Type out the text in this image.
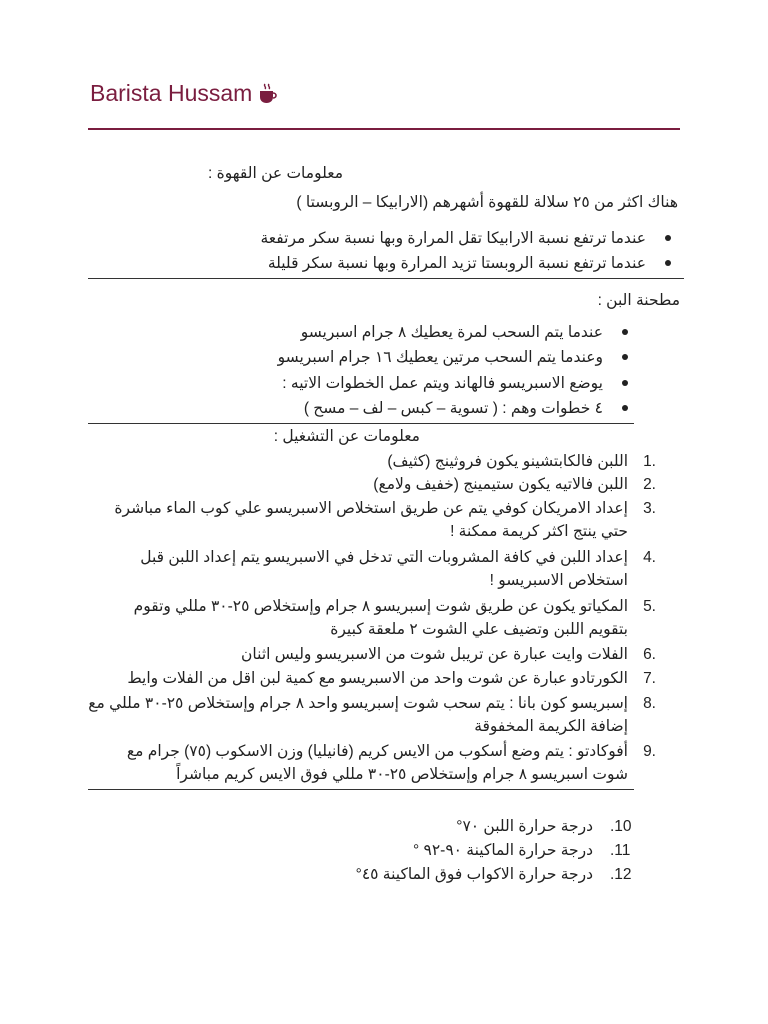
Barista Hussam
معلومات عن القهوة :
هناك اكثر من ٢٥ سلالة للقهوة أشهرهم (الارابيكا – الروبستا )
عندما ترتفع نسبة الارابيكا تقل المرارة وبها نسبة سكر مرتفعة
عندما ترتفع نسبة الروبستا تزيد المرارة وبها نسبة سكر قليلة
مطحنة البن :
عندما يتم السحب لمرة يعطيك ٨ جرام اسبريسو
وعندما يتم السحب مرتين يعطيك ١٦ جرام اسبريسو
يوضع الاسبريسو فالهاند ويتم عمل الخطوات الاتيه :
٤ خطوات وهم : ( تسوية – كبس – لف – مسح )
معلومات عن التشغيل :
1.
اللبن فالكابتشينو يكون فروثينج (كثيف)
2.
اللبن فالاتيه يكون ستيمينج (خفيف ولامع)
3.
إعداد الامريكان كوفي يتم عن طريق استخلاص الاسبريسو علي كوب الماء مباشرة حتي ينتج اكثر كريمة ممكنة !
4.
إعداد اللبن في كافة المشروبات التي تدخل في الاسبريسو يتم إعداد اللبن قبل استخلاص الاسبريسو !
5.
المكياتو يكون عن طريق شوت إسبريسو ٨ جرام وإستخلاص ٢٥-٣٠ مللي وتقوم بتقويم اللبن وتضيف علي الشوت ٢ ملعقة كبيرة
6.
الفلات وايت عبارة عن تريبل شوت من الاسبريسو وليس اثنان
7.
الكورتادو عبارة عن شوت واحد من الاسبريسو مع كمية لبن اقل من الفلات وايط
8.
إسبريسو كون بانا : يتم سحب شوت إسبريسو واحد ٨ جرام وإستخلاص ٢٥-٣٠ مللي مع إضافة الكريمة المخفوقة
9.
أفوكادتو : يتم وضع أسكوب من الايس كريم (فانيليا) وزن الاسكوب (٧٥) جرام مع شوت اسبريسو ٨ جرام وإستخلاص ٢٥-٣٠ مللي فوق الايس كريم مباشراً
درجة حرارة اللبن ٧٠° .10
درجة حرارة الماكينة ٩٠-٩٢ ° .11
درجة حرارة الاكواب فوق الماكينة ٤٥° .12
